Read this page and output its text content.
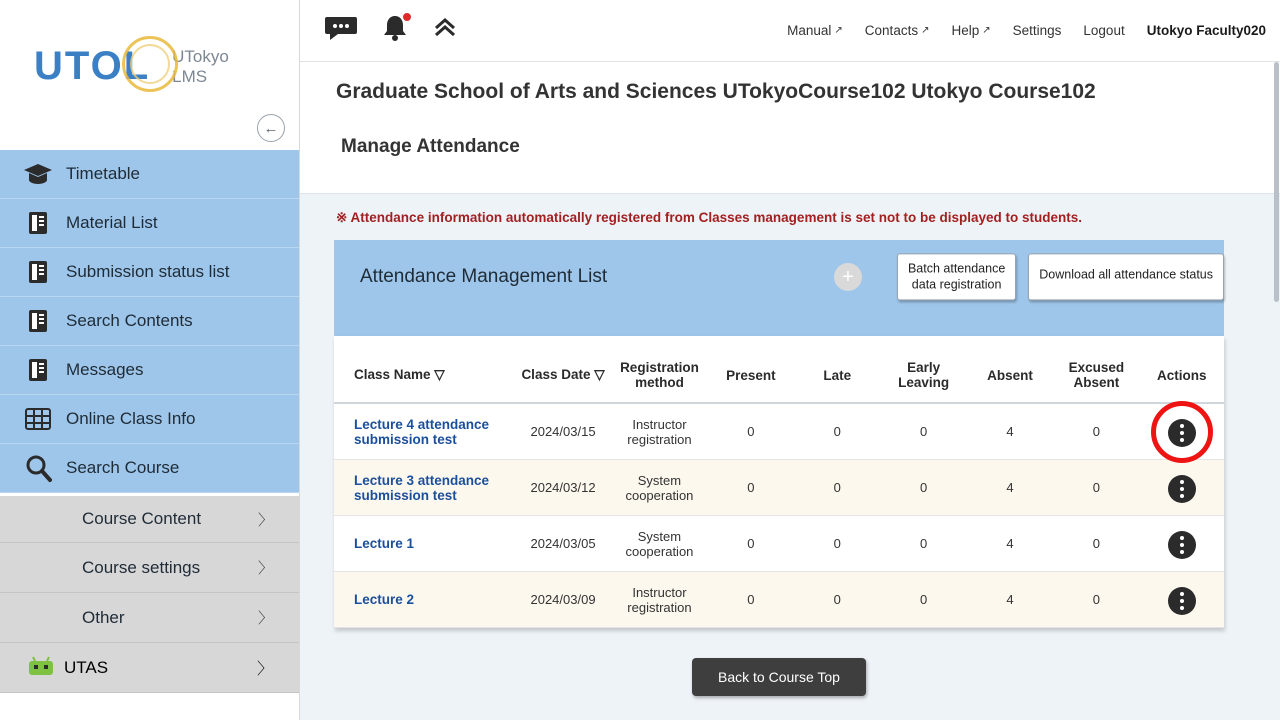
UTOL UTokyo
LMS
←
Timetable
Material List
Submission status list
Search Contents
Messages
Online Class Info
Search Course
Course Content	〉
Course settings	〉
Other	〉
UTAS	〉
Manual ↗ Contacts ↗ Help ↗ Settings Logout Utokyo Faculty020
Graduate School of Arts and Sciences UTokyoCourse102 Utokyo Course102
Manage Attendance
※ Attendance information automatically registered from Classes management is set not to be displayed to students.
Attendance Management List	+	Batch attendance
data registration
Download all attendance status
Class Name ▽	Class Date ▽	Registration method	Present	Late	Early Leaving	Absent	Excused Absent	Actions
Lecture 4 attendance submission test	2024/03/15	Instructor registration	0	0	0	4	0	

Lecture 3 attendance submission test	2024/03/12	System cooperation	0	0	0	4	0	

Lecture 1	2024/03/05	System cooperation	0	0	0	4	0	

Lecture 2	2024/03/09	Instructor registration	0	0	0	4	0	
Back to Course Top
